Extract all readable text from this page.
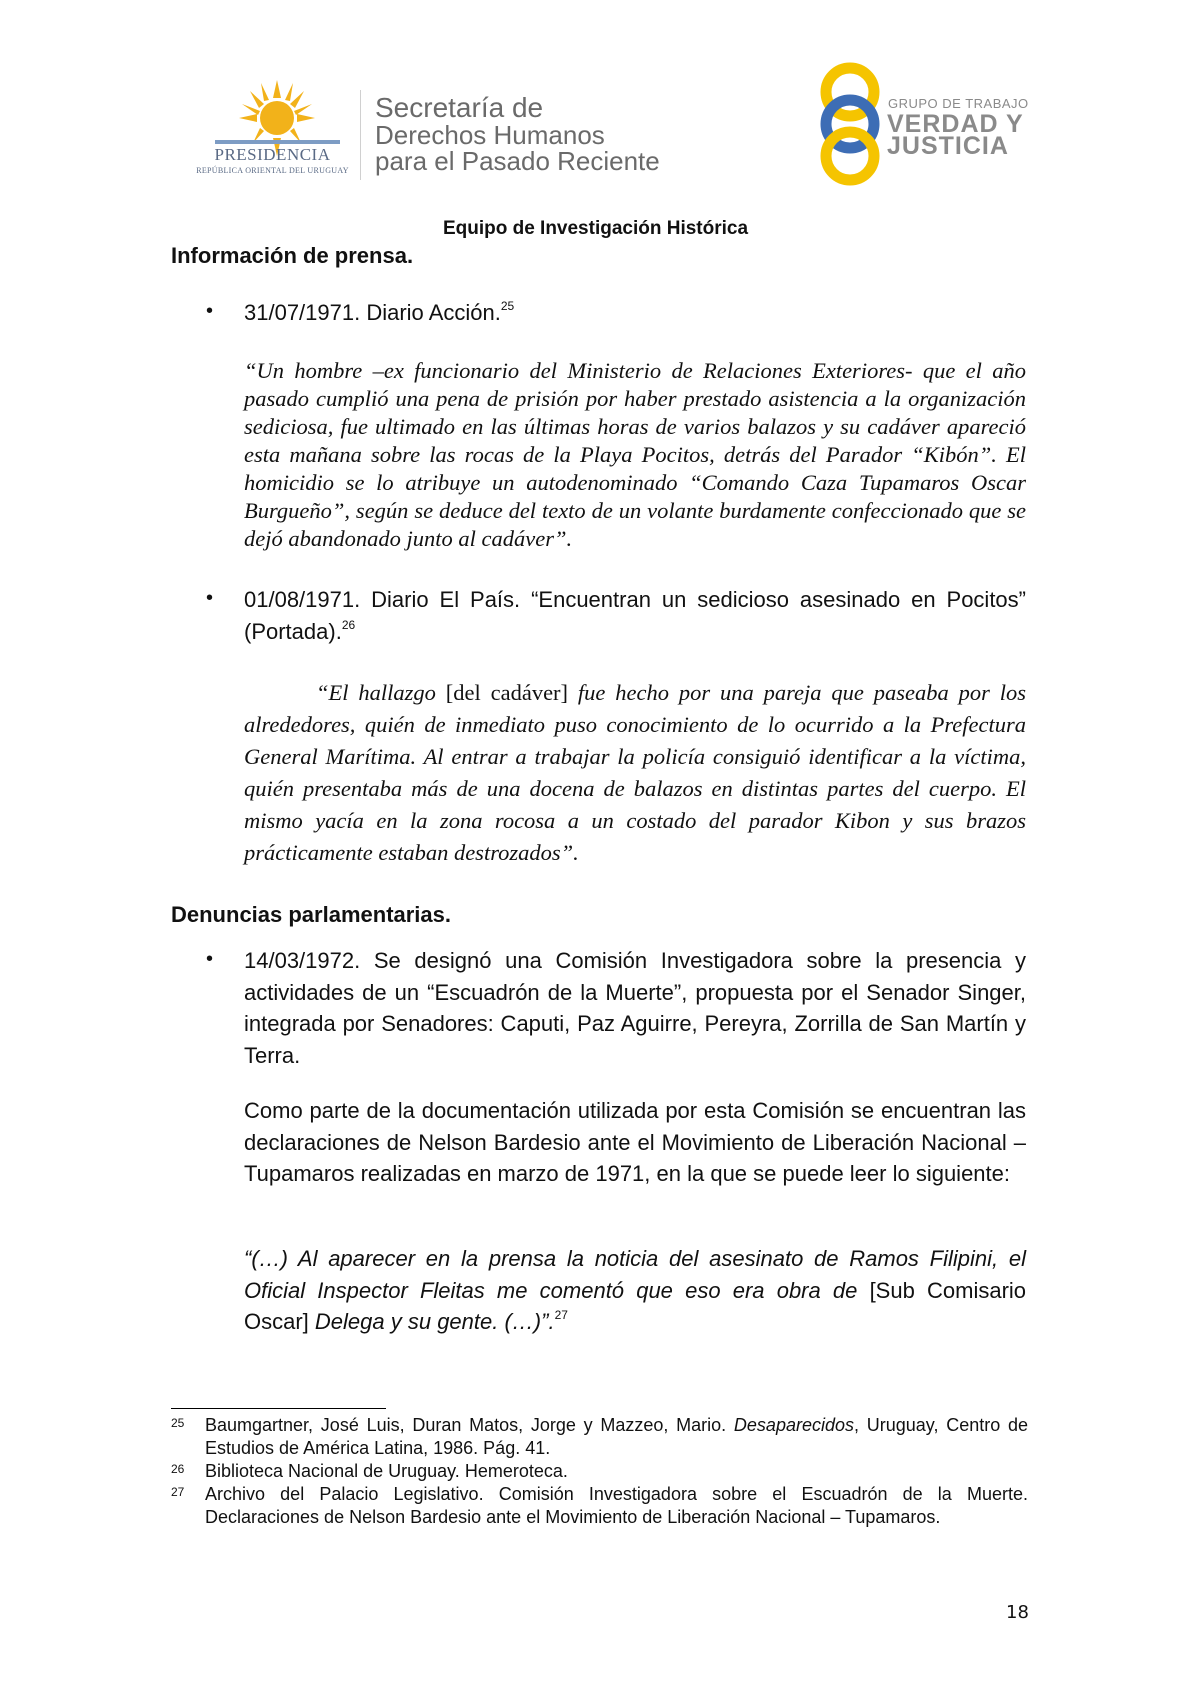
PRESIDENCIA
REPÚBLICA ORIENTAL DEL URUGUAY
Secretaría de
Derechos Humanos
para el Pasado Reciente
GRUPO DE TRABAJO
VERDAD Y
JUSTICIA
Equipo de Investigación Histórica
Información de prensa.
• 31/07/1971. Diario Acción.$^{25}$
“Un hombre –ex funcionario del Ministerio de Relaciones Exteriores- que el año pasado cumplió una pena de prisión por haber prestado asistencia a la organización sediciosa, fue ultimado en las últimas horas de varios balazos y su cadáver apareció esta mañana sobre las rocas de la Playa Pocitos, detrás del Parador “Kibón”. El homicidio se lo atribuye un autodenominado “Comando Caza Tupamaros Oscar Burgueño”, según se deduce del texto de un volante burdamente confeccionado que se dejó abandonado junto al cadáver”.
• 01/08/1971. Diario El País. “Encuentran un sedicioso asesinado en Pocitos” (Portada).$^{26}$
“El hallazgo [del cadáver] fue hecho por una pareja que paseaba por los alrededores, quién de inmediato puso conocimiento de lo ocurrido a la Prefectura General Marítima. Al entrar a trabajar la policía consiguió identificar a la víctima, quién presentaba más de una docena de balazos en distintas partes del cuerpo. El mismo yacía en la zona rocosa a un costado del parador Kibon y sus brazos prácticamente estaban destrozados”.
Denuncias parlamentarias.
• 14/03/1972. Se designó una Comisión Investigadora sobre la presencia y actividades de un “Escuadrón de la Muerte”, propuesta por el Senador Singer, integrada por Senadores: Caputi, Paz Aguirre, Pereyra, Zorrilla de San Martín y Terra.
Como parte de la documentación utilizada por esta Comisión se encuentran las declaraciones de Nelson Bardesio ante el Movimiento de Liberación Nacional – Tupamaros realizadas en marzo de 1971, en la que se puede leer lo siguiente:
“(…) Al aparecer en la prensa la noticia del asesinato de Ramos Filipini, el Oficial Inspector Fleitas me comentó que eso era obra de [Sub Comisario Oscar] Delega y su gente. (…)”.$^{27}$
25 Baumgartner, José Luis, Duran Matos, Jorge y Mazzeo, Mario. Desaparecidos, Uruguay, Centro de Estudios de América Latina, 1986. Pág. 41.
26 Biblioteca Nacional de Uruguay. Hemeroteca.
27 Archivo del Palacio Legislativo. Comisión Investigadora sobre el Escuadrón de la Muerte. Declaraciones de Nelson Bardesio ante el Movimiento de Liberación Nacional – Tupamaros.
18
